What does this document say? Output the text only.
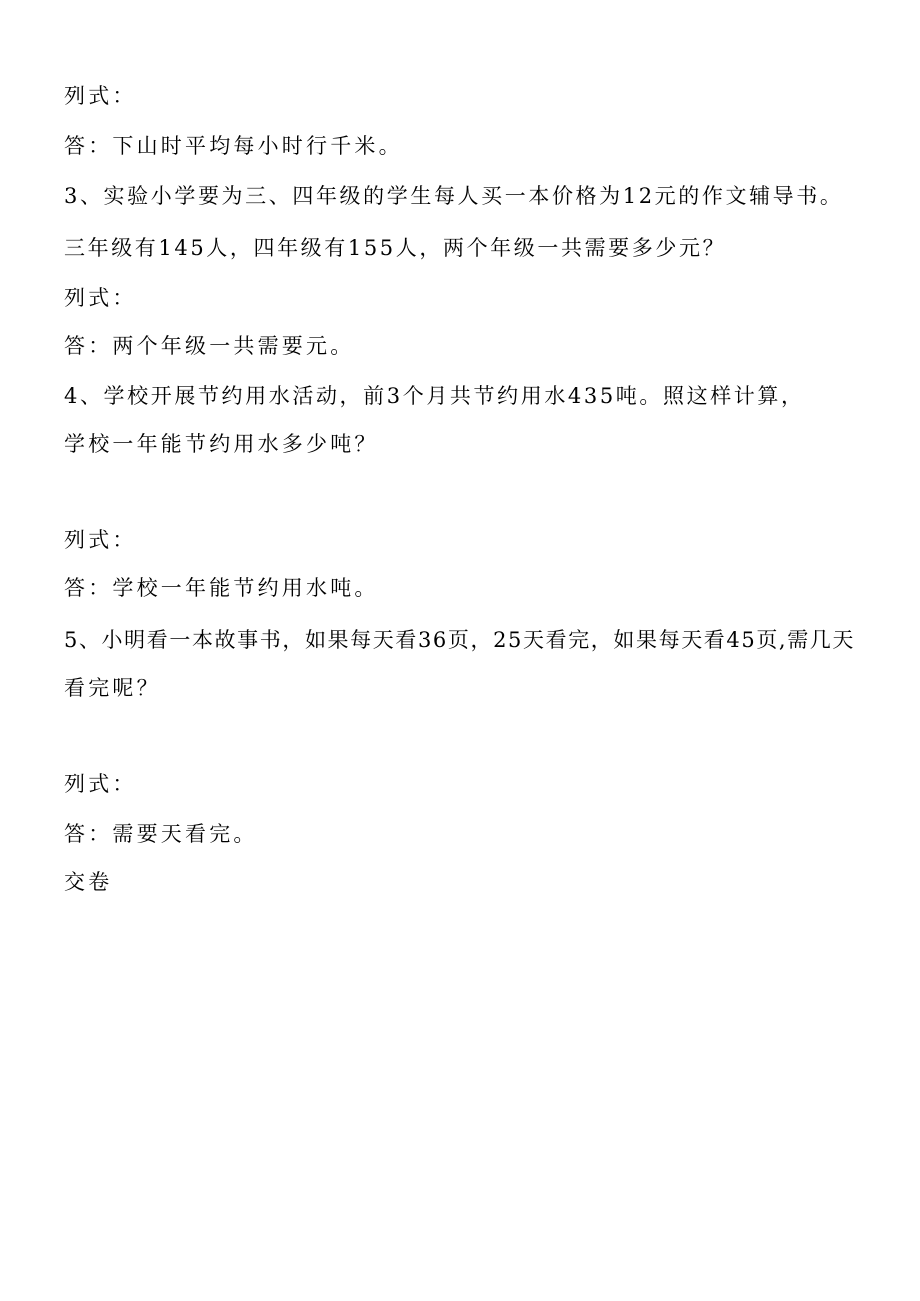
列式：
答：下山时平均每小时行千米。
3、实验小学要为三、四年级的学生每人买一本价格为12元的作文辅导书。
三年级有145人，四年级有155人，两个年级一共需要多少元？
列式：
答：两个年级一共需要元。
4、学校开展节约用水活动，前3个月共节约用水435吨。照这样计算，
学校一年能节约用水多少吨？
列式：
答：学校一年能节约用水吨。
5、小明看一本故事书，如果每天看36页，25天看完，如果每天看45页,需几天
看完呢？
列式：
答：需要天看完。
交卷
